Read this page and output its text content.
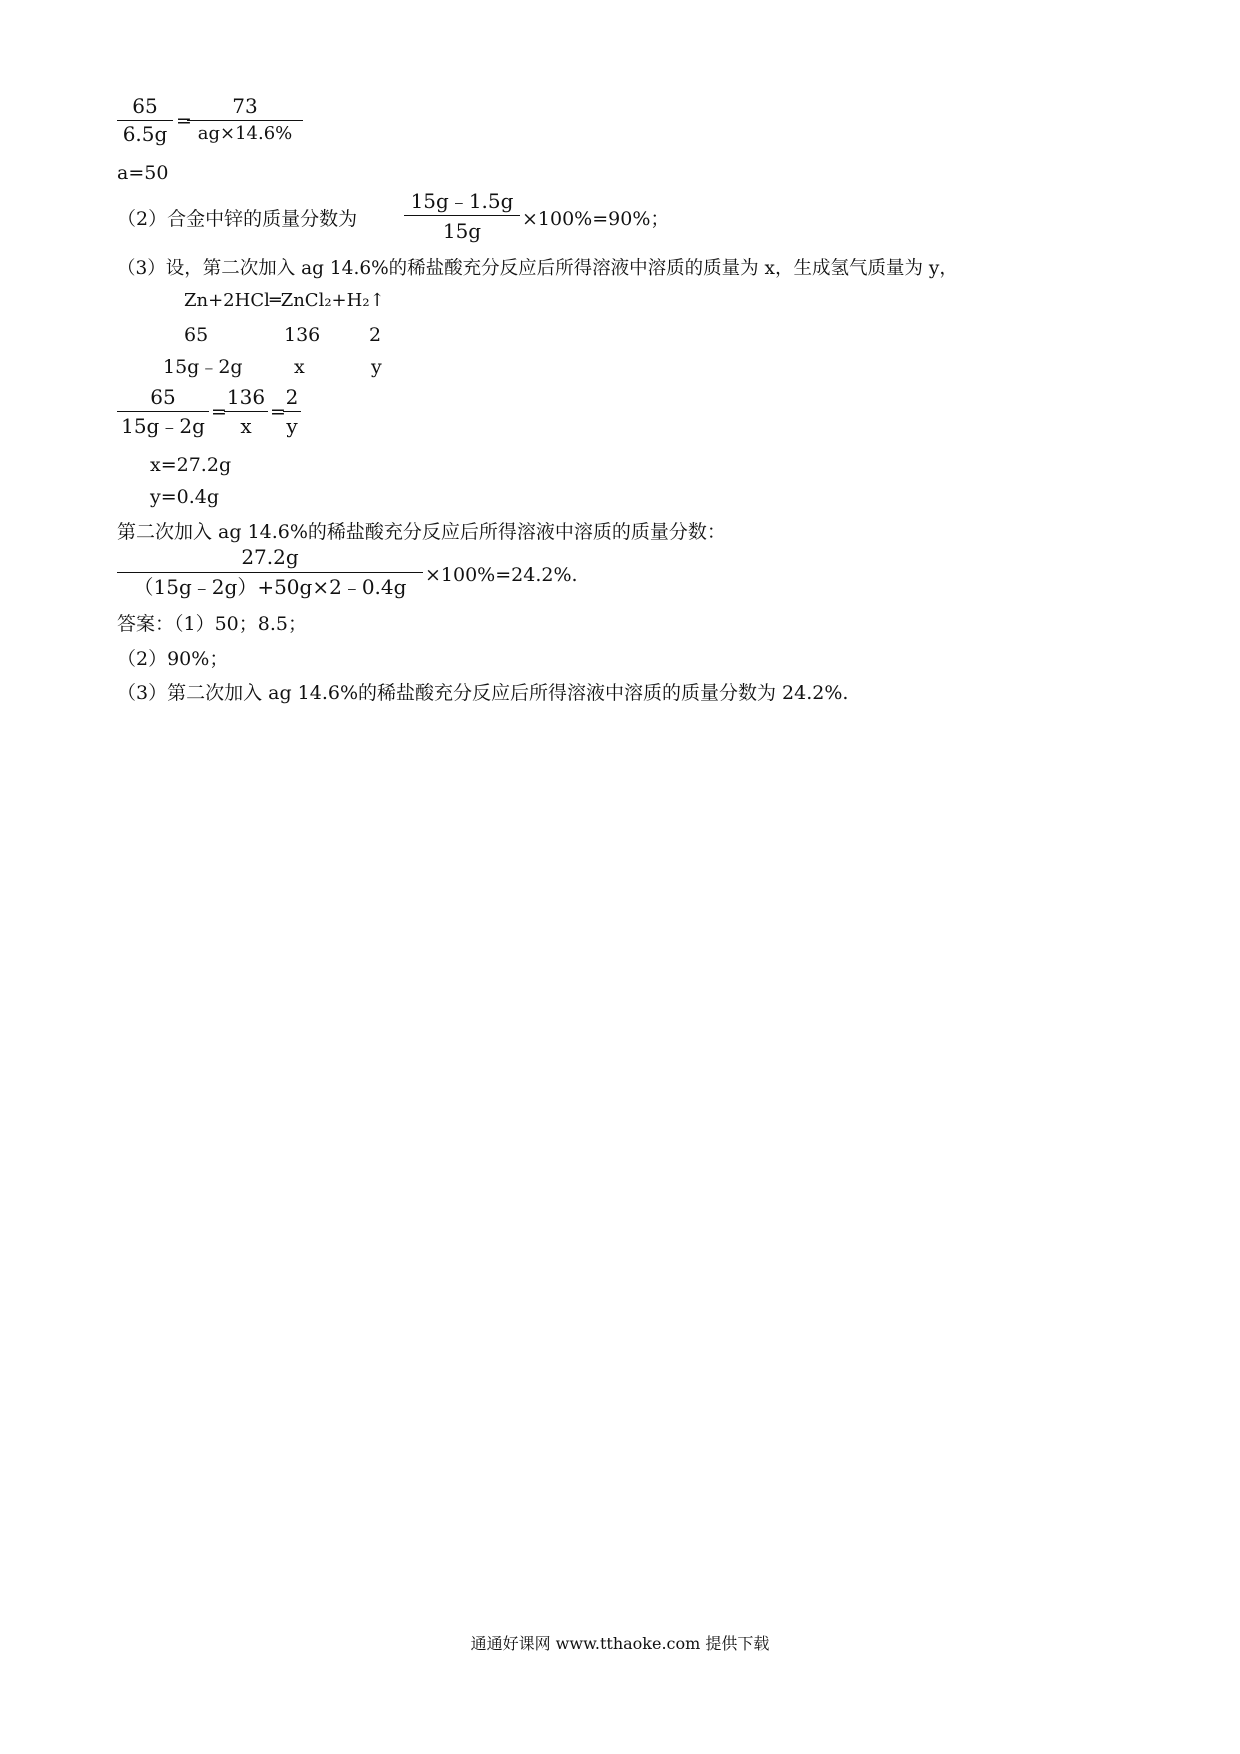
65
6.5g
=
73
ag×14.6%
a=50
（2）合金中锌的质量分数为
15g﹣1.5g
15g	×100%=90%；
（3）设，第二次加入 ag 14.6%的稀盐酸充分反应后所得溶液中溶质的质量为 x，生成氢气质量为 y，
Zn+2HCl═ZnCl₂+H₂↑
65	136	2
15g﹣2g	x	y
65
15g﹣2g
=
136
x
=
2
y
x=27.2g
y=0.4g
第二次加入 ag 14.6%的稀盐酸充分反应后所得溶液中溶质的质量分数：
27.2g
（15g﹣2g）+50g×2﹣0.4g ×100%=24.2%.
答案：（1）50；8.5；
（2）90%；
（3）第二次加入 ag 14.6%的稀盐酸充分反应后所得溶液中溶质的质量分数为 24.2%.
通通好课网 www.tthaoke.com 提供下载
